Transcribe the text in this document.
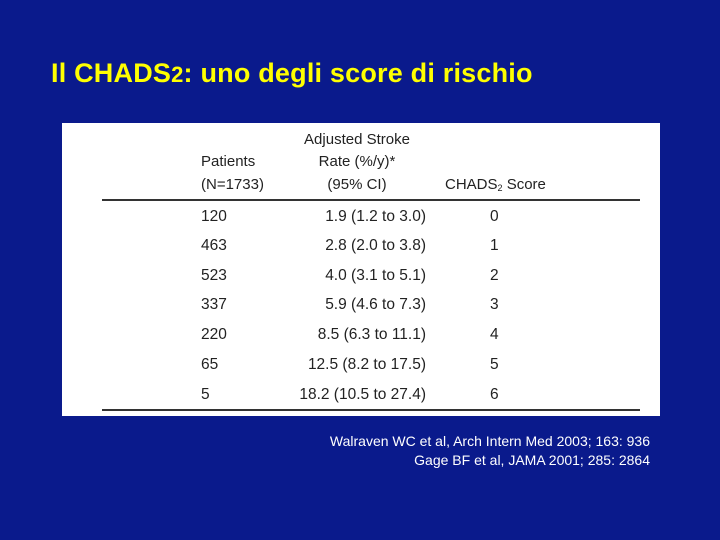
Il CHADS2: uno degli score di rischio
Adjusted Stroke
Patients	Rate (%/y)*
(N=1733)	(95% CI)	$CHADS_2$ Score
120	1.9 (1.2 to 3.0)	0
463	2.8 (2.0 to 3.8)	1
523	4.0 (3.1 to 5.1)	2
337	5.9 (4.6 to 7.3)	3
220	8.5 (6.3 to 11.1)	4
65	12.5 (8.2 to 17.5)	5
5	18.2 (10.5 to 27.4)	6
Walraven WC et al, Arch Intern Med 2003; 163: 936
Gage BF et al, JAMA 2001; 285: 2864
